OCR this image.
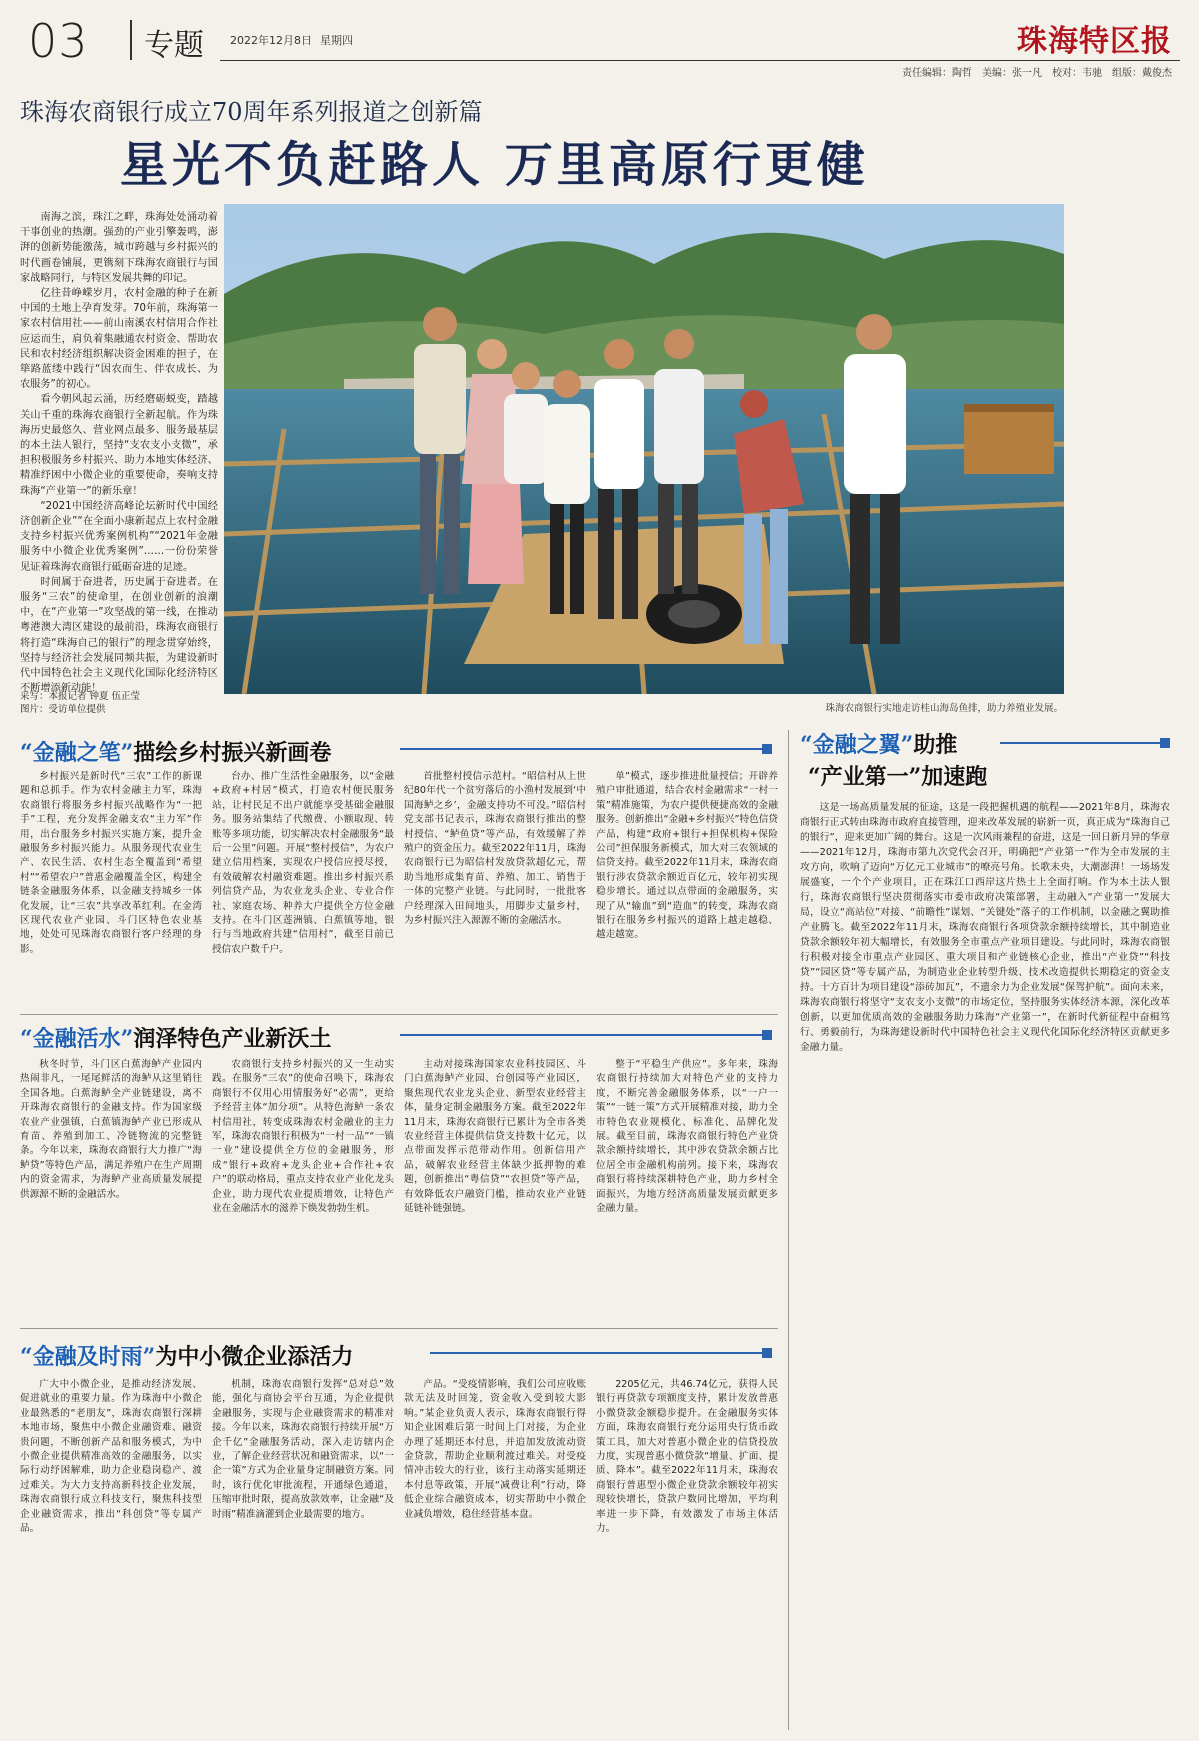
03 专题 2022年12月8日 星期四	珠海特区报
责任编辑：陶哲　美编：张一凡　校对：韦驰　组版：戴俊杰
珠海农商银行成立70周年系列报道之创新篇
星光不负赶路人 万里高原行更健

南海之滨，珠江之畔，珠海处处涌动着干事创业的热潮。强劲的产业引擎轰鸣，澎湃的创新势能激荡，城市跨越与乡村振兴的时代画卷铺展，更镌刻下珠海农商银行与国家战略同行，与特区发展共舞的印记。

亿往昔峥嵘岁月，农村金融的种子在新中国的土地上孕育发芽。70年前，珠海第一家农村信用社——前山南溪农村信用合作社应运而生，肩负着集融通农村资金、帮助农民和农村经济组织解决资金困难的担子，在筚路蓝缕中践行“因农而生、伴农成长、为农服务”的初心。

看今朝风起云涌，历经磨砺蜕变，踏越关山千重的珠海农商银行全新起航。作为珠海历史最悠久、营业网点最多、服务最基层的本土法人银行，坚持“支农支小支微”，承担积极服务乡村振兴、助力本地实体经济、精准纾困中小微企业的重要使命，奏响支持珠海“产业第一”的新乐章！

“2021中国经济高峰论坛新时代中国经济创新企业”“在全面小康新起点上农村金融支持乡村振兴优秀案例机构”“2021年金融服务中小微企业优秀案例”……一份份荣誉见证着珠海农商银行砥砺奋进的足迹。

时间属于奋进者，历史属于奋进者。在服务“三农”的使命里，在创业创新的浪潮中，在“产业第一”攻坚战的第一线，在推动粤港澳大湾区建设的最前沿，珠海农商银行将打造“珠海自己的银行”的理念贯穿始终，坚持与经济社会发展同频共振，为建设新时代中国特色社会主义现代化国际化经济特区不断增添新动能！

采写：本报记者 钟夏 伍正莹
图片：受访单位提供	珠海农商银行实地走访桂山海岛鱼排，助力养殖业发展。
“金融之笔”描绘乡村振兴新画卷

乡村振兴是新时代“三农”工作的新课题和总抓手。作为农村金融主力军，珠海农商银行将服务乡村振兴战略作为“一把手”工程，充分发挥金融支农“主力军”作用，出台服务乡村振兴实施方案，提升金融服务乡村振兴能力。从服务现代农业生产、农民生活、农村生态全覆盖到“希望村”“希望农户”普惠金融覆盖全区，构建全链条金融服务体系，以金融支持城乡一体化发展，让“三农”共享改革红利。在金湾区现代农业产业园、斗门区特色农业基地，处处可见珠海农商银行客户经理的身影。

台办、推广生活性金融服务，以“金融+政府+村居”模式，打造农村便民服务站，让村民足不出户就能享受基础金融服务。服务站集结了代缴费、小额取现、转账等多项功能，切实解决农村金融服务“最后一公里”问题。开展“整村授信”，为农户建立信用档案，实现农户授信应授尽授，有效破解农村融资难题。推出乡村振兴系列信贷产品，为农业龙头企业、专业合作社、家庭农场、种养大户提供全方位金融支持。在斗门区莲洲镇、白蕉镇等地，银行与当地政府共建“信用村”，截至目前已授信农户数千户。

首批整村授信示范村。“昭信村从上世纪80年代一个贫穷落后的小渔村发展到‘中国海鲈之乡’，金融支持功不可没。”昭信村党支部书记表示，珠海农商银行推出的整村授信、“鲈鱼贷”等产品，有效缓解了养殖户的资金压力。截至2022年11月，珠海农商银行已为昭信村发放贷款超亿元，帮助当地形成集育苗、养殖、加工、销售于一体的完整产业链。与此同时，一批批客户经理深入田间地头，用脚步丈量乡村，为乡村振兴注入源源不断的金融活水。

单”模式，逐步推进批量授信；开辟养殖户审批通道，结合农村金融需求“一村一策”精准施策，为农户提供便捷高效的金融服务。创新推出“金融+乡村振兴”特色信贷产品，构建“政府+银行+担保机构+保险公司”担保服务新模式，加大对三农领域的信贷支持。截至2022年11月末，珠海农商银行涉农贷款余额近百亿元，较年初实现稳步增长。通过以点带面的金融服务，实现了从“输血”到“造血”的转变，珠海农商银行在服务乡村振兴的道路上越走越稳、越走越宽。

“金融活水”润泽特色产业新沃土

秋冬时节，斗门区白蕉海鲈产业园内热闹非凡，一尾尾鲜活的海鲈从这里销往全国各地。白蕉海鲈全产业链建设，离不开珠海农商银行的金融支持。作为国家级农业产业强镇，白蕉镇海鲈产业已形成从育苗、养殖到加工、冷链物流的完整链条。今年以来，珠海农商银行大力推广“海鲈贷”等特色产品，满足养殖户在生产周期内的资金需求，为海鲈产业高质量发展提供源源不断的金融活水。

农商银行支持乡村振兴的又一生动实践。在服务“三农”的使命召唤下，珠海农商银行不仅用心用情服务好“必需”，更给予经营主体“加分项”。从特色海鲈一条农村信用社，转变成珠海农村金融业的主力军，珠海农商银行积极为“一村一品”“一镇一业”建设提供全方位的金融服务，形成“银行+政府+龙头企业+合作社+农户”的联动格局，重点支持农业产业化龙头企业，助力现代农业提质增效，让特色产业在金融活水的滋养下焕发勃勃生机。

主动对接珠海国家农业科技园区、斗门白蕉海鲈产业园、台创园等产业园区，聚焦现代农业龙头企业、新型农业经营主体，量身定制金融服务方案。截至2022年11月末，珠海农商银行已累计为全市各类农业经营主体提供信贷支持数十亿元，以点带面发挥示范带动作用。创新信用产品，破解农业经营主体缺少抵押物的难题，创新推出“粤信贷”“农担贷”等产品，有效降低农户融资门槛，推动农业产业链延链补链强链。

整于“平稳生产供应”。多年来，珠海农商银行持续加大对特色产业的支持力度，不断完善金融服务体系，以“一户一策”“一链一策”方式开展精准对接，助力全市特色农业规模化、标准化、品牌化发展。截至目前，珠海农商银行特色产业贷款余额持续增长，其中涉农贷款余额占比位居全市金融机构前列。接下来，珠海农商银行将持续深耕特色产业，助力乡村全面振兴，为地方经济高质量发展贡献更多金融力量。

“金融及时雨”为中小微企业添活力

广大中小微企业，是推动经济发展、促进就业的重要力量。作为珠海中小微企业最熟悉的“老朋友”，珠海农商银行深耕本地市场，聚焦中小微企业融资难、融资贵问题，不断创新产品和服务模式，为中小微企业提供精准高效的金融服务，以实际行动纾困解难，助力企业稳岗稳产、渡过难关。为大力支持高新科技企业发展，珠海农商银行成立科技支行，聚焦科技型企业融资需求，推出“科创贷”等专属产品。

机制，珠海农商银行发挥“总对总”效能，强化与商协会平台互通，为企业提供金融服务，实现与企业融资需求的精准对接。今年以来，珠海农商银行持续开展“万企千亿”金融服务活动，深入走访辖内企业，了解企业经营状况和融资需求，以“一企一策”方式为企业量身定制融资方案。同时，该行优化审批流程，开通绿色通道，压缩审批时限，提高放款效率，让金融“及时雨”精准滴灌到企业最需要的地方。

产品。“受疫情影响，我们公司应收账款无法及时回笼，资金收入受到较大影响。”某企业负责人表示，珠海农商银行得知企业困难后第一时间上门对接，为企业办理了延期还本付息，并追加发放流动资金贷款，帮助企业顺利渡过难关。对受疫情冲击较大的行业，该行主动落实延期还本付息等政策，开展“减费让利”行动，降低企业综合融资成本，切实帮助中小微企业减负增效，稳住经营基本盘。

2205亿元，共46.74亿元，获得人民银行再贷款专项额度支持，累计发放普惠小微贷款金额稳步提升。在金融服务实体方面，珠海农商银行充分运用央行货币政策工具，加大对普惠小微企业的信贷投放力度，实现普惠小微贷款“增量、扩面、提质、降本”。截至2022年11月末，珠海农商银行普惠型小微企业贷款余额较年初实现较快增长，贷款户数同比增加，平均利率进一步下降，有效激发了市场主体活力。

“金融之翼”助推
“产业第一”加速跑

这是一场高质量发展的征途，这是一段把握机遇的航程——2021年8月，珠海农商银行正式转由珠海市政府直接管理，迎来改革发展的崭新一页，真正成为“珠海自己的银行”，迎来更加广阔的舞台。这是一次风雨兼程的奋进，这是一回日新月异的华章——2021年12月，珠海市第九次党代会召开，明确把“产业第一”作为全市发展的主攻方向，吹响了迈向“万亿元工业城市”的嘹亮号角。长歌未央，大潮澎湃！一场场发展盛宴，一个个产业项目，正在珠江口西岸这片热土上全面打响。作为本土法人银行，珠海农商银行坚决贯彻落实市委市政府决策部署，主动融入“产业第一”发展大局，设立“高站位”对接、“前瞻性”谋划、“关键处”落子的工作机制，以金融之翼助推产业腾飞。截至2022年11月末，珠海农商银行各项贷款余额持续增长，其中制造业贷款余额较年初大幅增长，有效服务全市重点产业项目建设。与此同时，珠海农商银行积极对接全市重点产业园区、重大项目和产业链核心企业，推出“产业贷”“科技贷”“园区贷”等专属产品，为制造业企业转型升级、技术改造提供长期稳定的资金支持。十方百计为项目建设“添砖加瓦”，不遗余力为企业发展“保驾护航”。面向未来，珠海农商银行将坚守“支农支小支微”的市场定位，坚持服务实体经济本源，深化改革创新，以更加优质高效的金融服务助力珠海“产业第一”，在新时代新征程中奋楫笃行、勇毅前行，为珠海建设新时代中国特色社会主义现代化国际化经济特区贡献更多金融力量。
